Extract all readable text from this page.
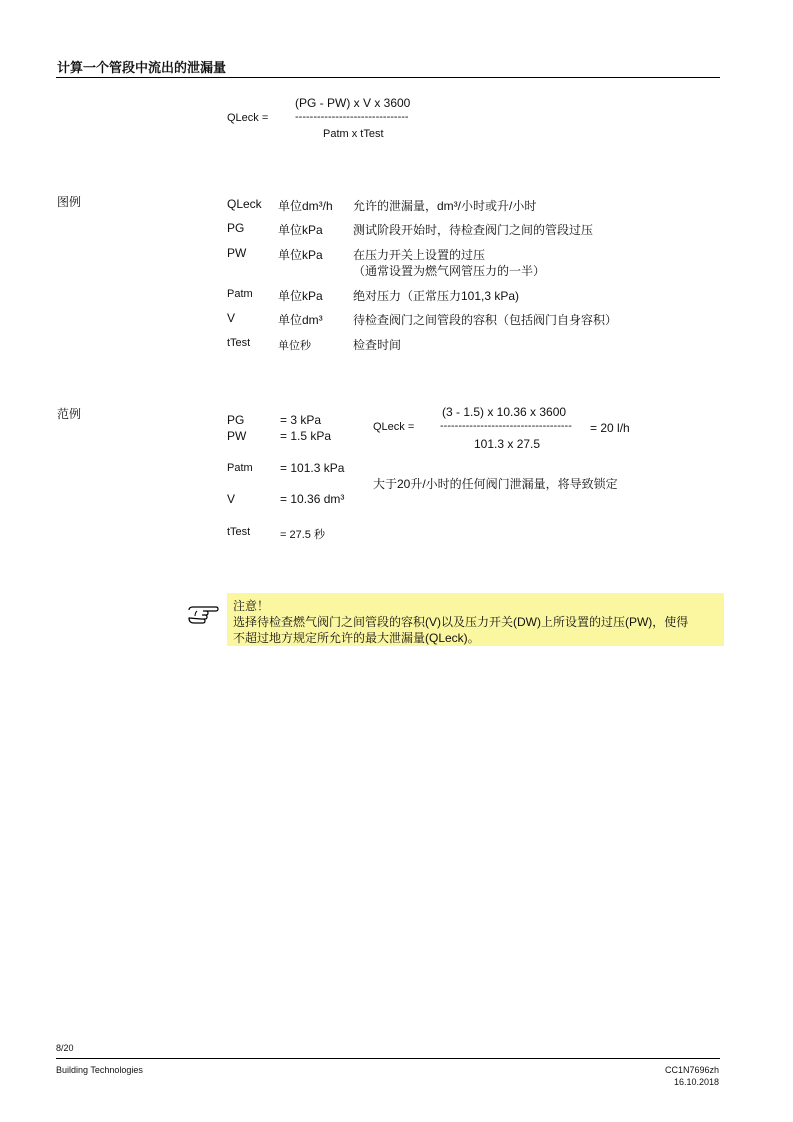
计算一个管段中流出的泄漏量
QLeck =
(PG - PW) x V x 3600
-------------------------------
Patm x tTest
图例	QLeck 单位dm³/h 允许的泄漏量，dm³/小时或升/小时
PG	单位kPa	测试阶段开始时，待检查阀门之间的管段过压
PW	单位kPa	在压力开关上设置的过压
（通常设置为燃气网管压力的一半）
Patm 单位kPa	绝对压力（正常压力101,3 kPa)
V	单位dm³	待检查阀门之间管段的容积（包括阀门自身容积）
tTest	单位秒	检查时间
范例	PG	= 3 kPa
PW	= 1.5 kPa
Patm = 101.3 kPa
V	= 10.36 dm³
tTest	= 27.5 秒
QLeck =
(3 - 1.5) x 10.36 x 3600
------------------------------------
101.3 x 27.5
= 20 l/h
大于20升/小时的任何阀门泄漏量，将导致锁定
注意！
选择待检查燃气阀门之间管段的容积(V)以及压力开关(DW)上所设置的过压(PW)，使得
不超过地方规定所允许的最大泄漏量(QLeck)。
8/20
Building Technologies	CC1N7696zh
16.10.2018
